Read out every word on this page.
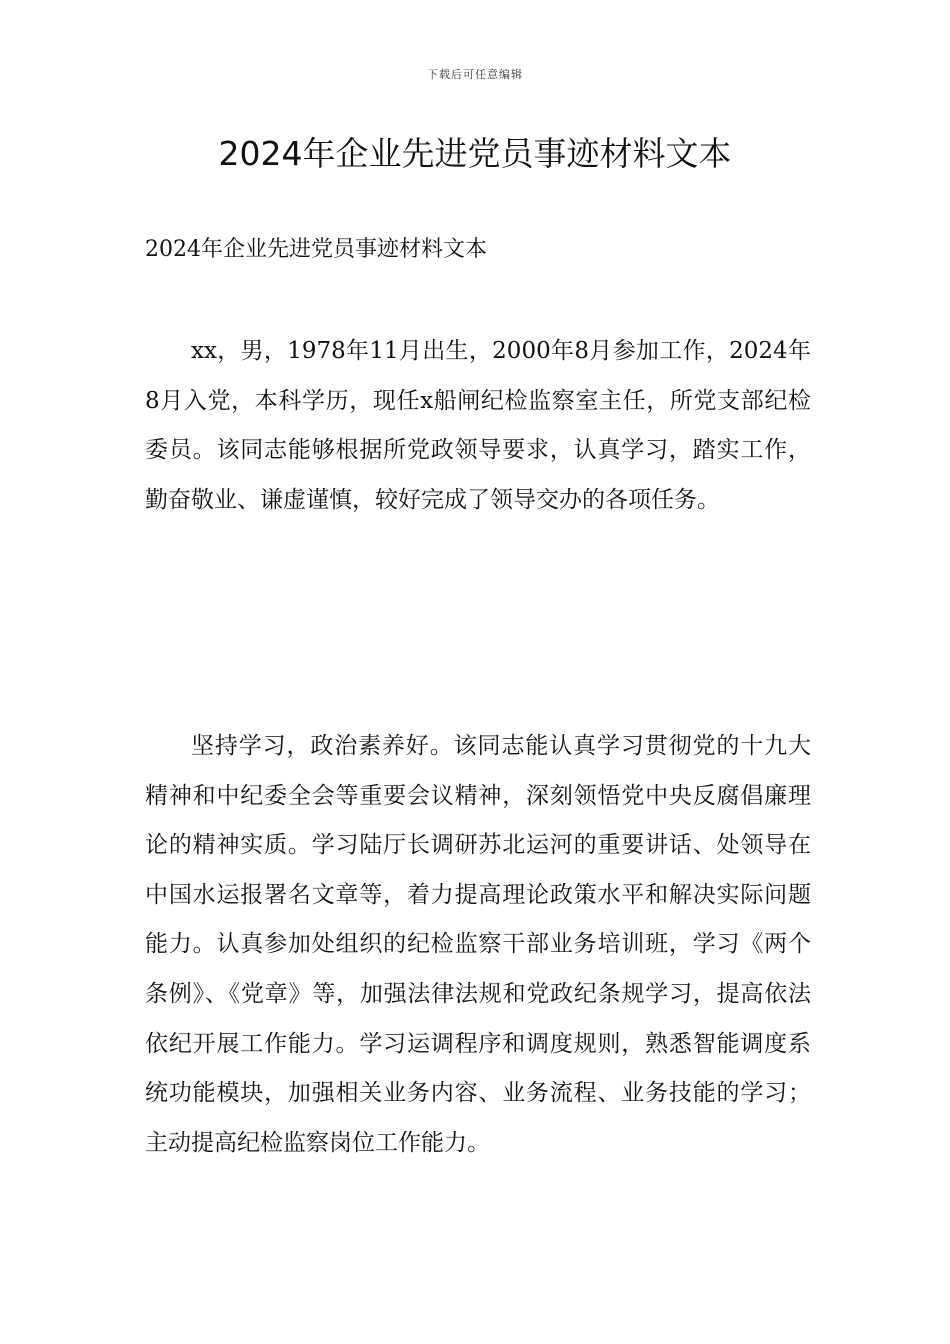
下载后可任意编辑
2024年企业先进党员事迹材料文本

2024年企业先进党员事迹材料文本

xx，男，1978年11月出生，2000年8月参加工作，2024年8月入党，本科学历，现任x船闸纪检监察室主任，所党支部纪检委员。该同志能够根据所党政领导要求，认真学习，踏实工作，勤奋敬业、谦虚谨慎，较好完成了领导交办的各项任务。

坚持学习，政治素养好。该同志能认真学习贯彻党的十九大精神和中纪委全会等重要会议精神，深刻领悟党中央反腐倡廉理论的精神实质。学习陆厅长调研苏北运河的重要讲话、处领导在中国水运报署名文章等，着力提高理论政策水平和解决实际问题能力。认真参加处组织的纪检监察干部业务培训班，学习《两个条例》、《党章》等，加强法律法规和党政纪条规学习，提高依法依纪开展工作能力。学习运调程序和调度规则，熟悉智能调度系统功能模块，加强相关业务内容、业务流程、业务技能的学习；主动提高纪检监察岗位工作能力。
